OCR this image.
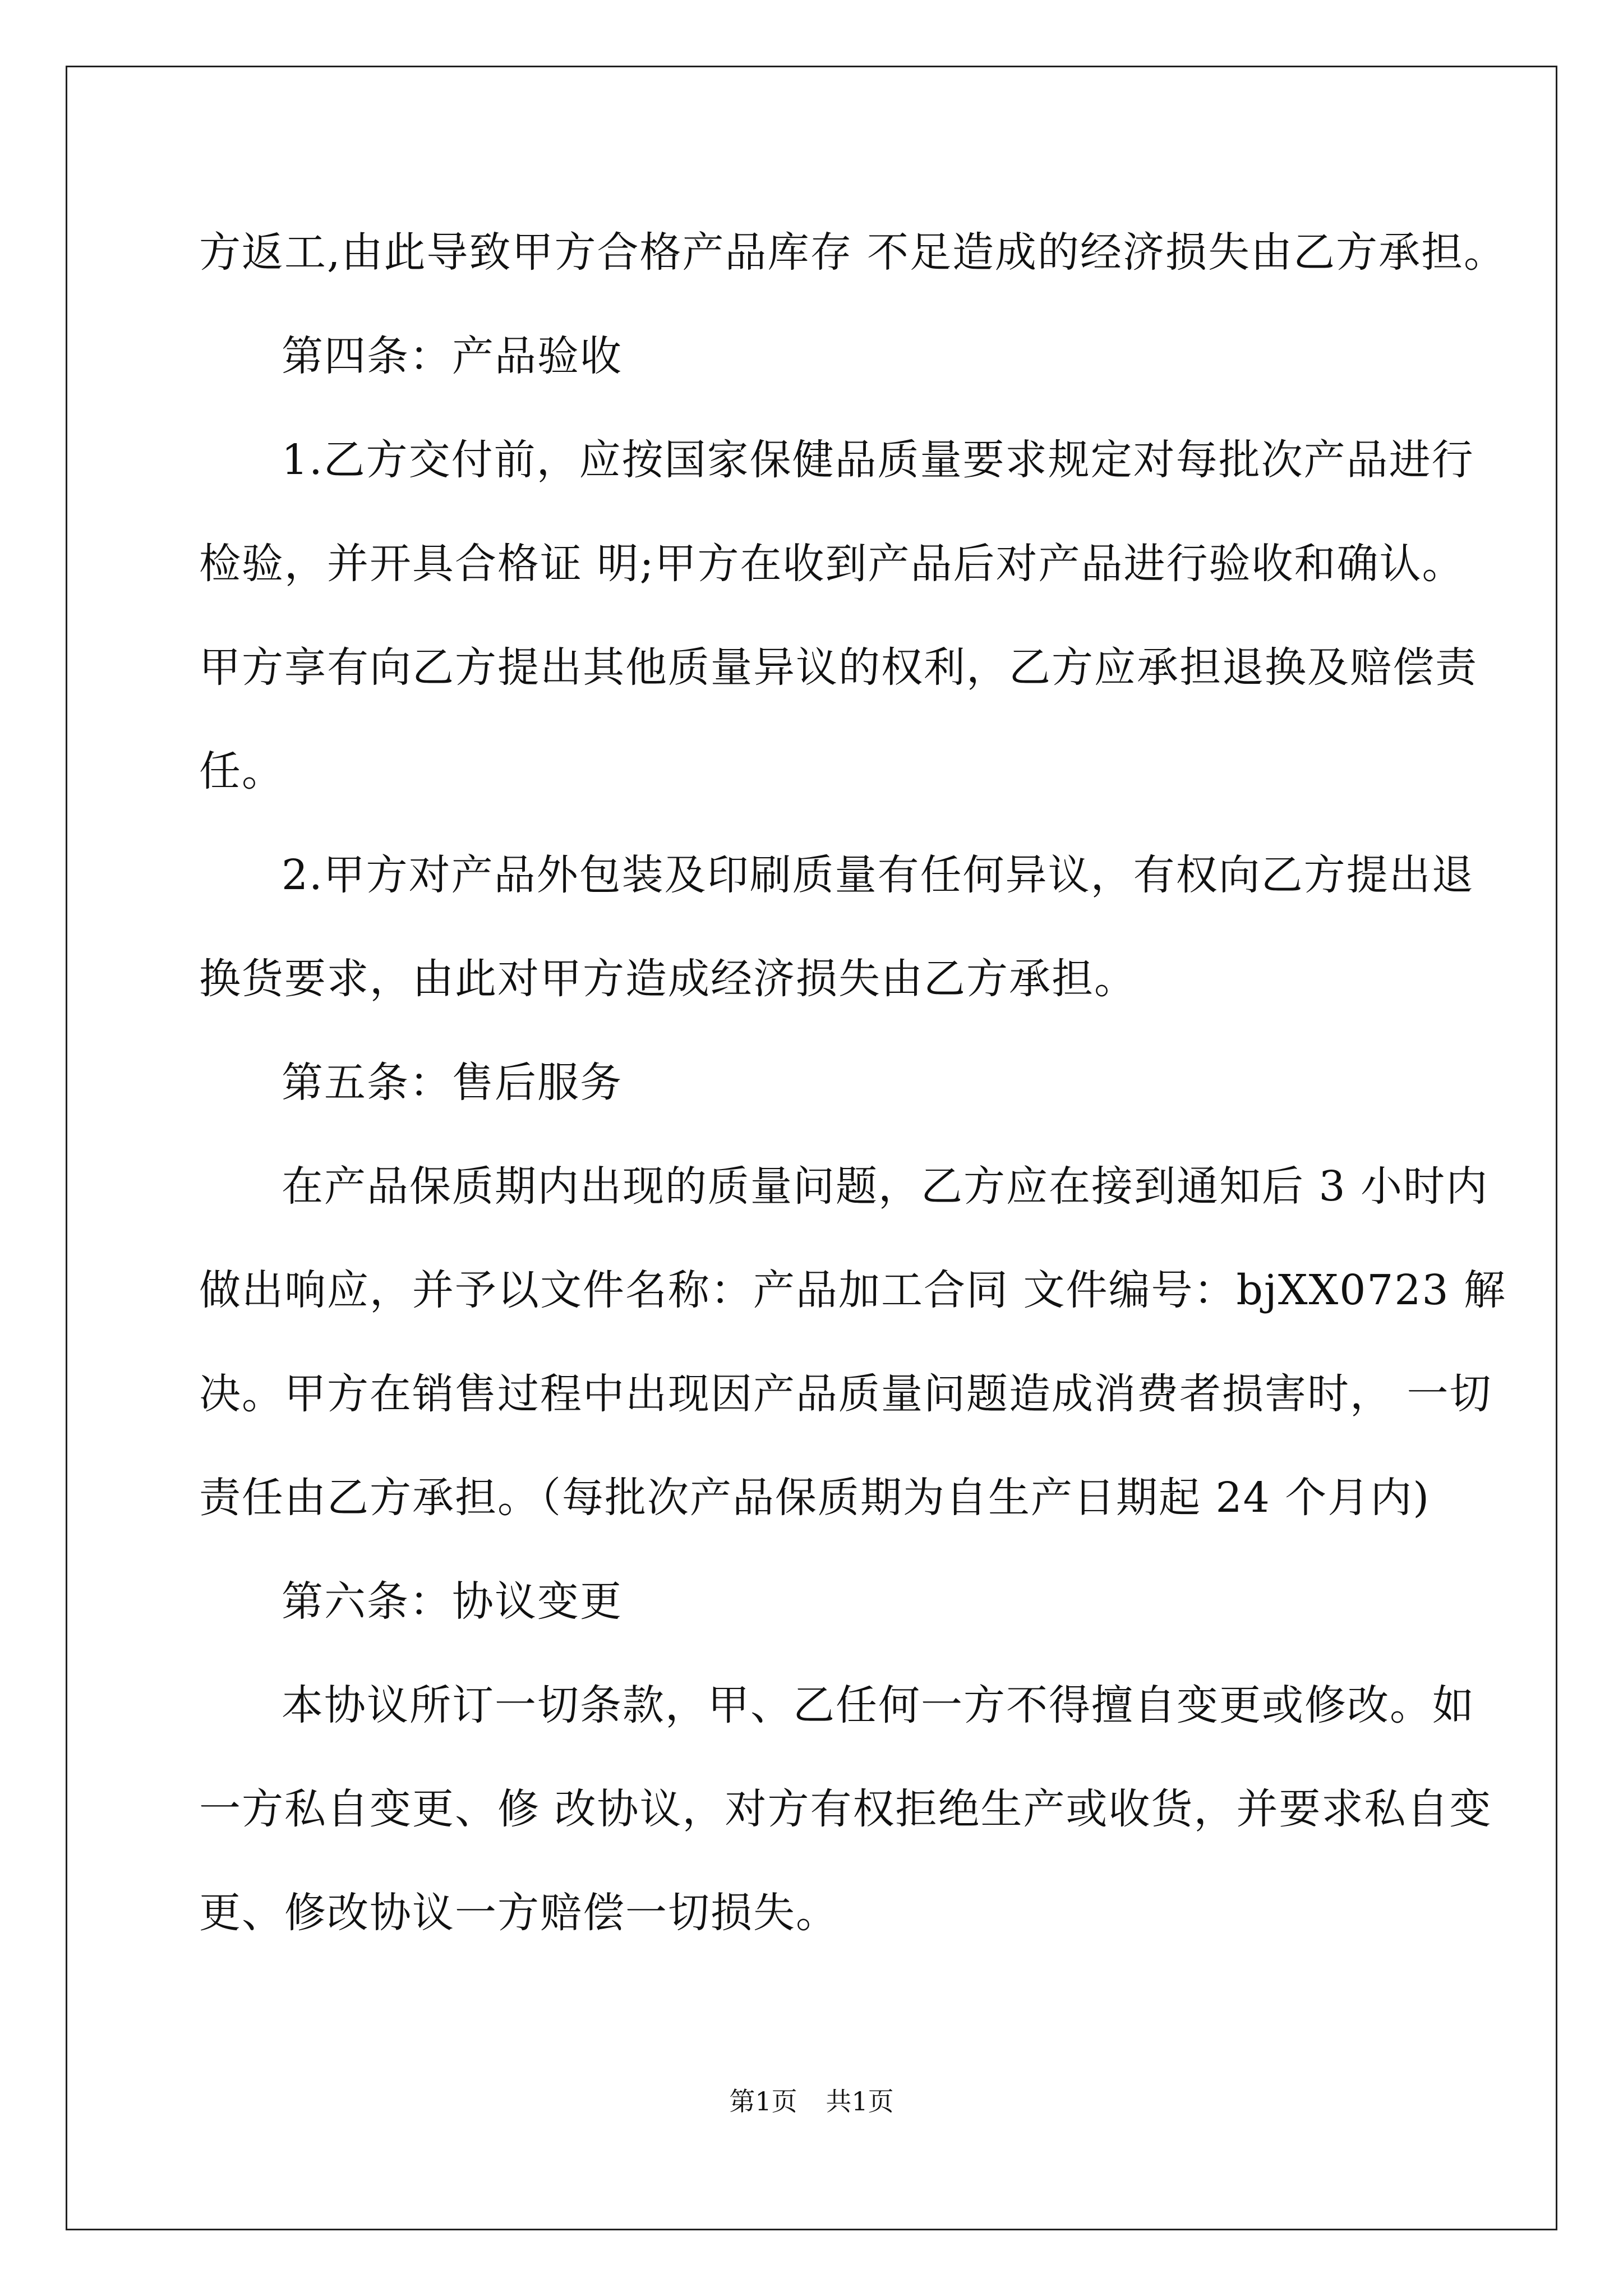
方返工,由此导致甲方合格产品库存 不足造成的经济损失由乙方承担。
第四条：产品验收
1.乙方交付前，应按国家保健品质量要求规定对每批次产品进行
检验，并开具合格证 明;甲方在收到产品后对产品进行验收和确认。
甲方享有向乙方提出其他质量异议的权利，乙方应承担退换及赔偿责
任。
2.甲方对产品外包装及印刷质量有任何异议，有权向乙方提出退
换货要求，由此对甲方造成经济损失由乙方承担。
第五条：售后服务
在产品保质期内出现的质量问题，乙方应在接到通知后 3 小时内
做出响应，并予以文件名称：产品加工合同 文件编号：bjXX0723 解
决。甲方在销售过程中出现因产品质量问题造成消费者损害时， 一切
责任由乙方承担。（每批次产品保质期为自生产日期起 24 个月内)
第六条：协议变更
本协议所订一切条款，甲、乙任何一方不得擅自变更或修改。如
一方私自变更、修 改协议，对方有权拒绝生产或收货，并要求私自变
更、修改协议一方赔偿一切损失。
第1页 共1页
